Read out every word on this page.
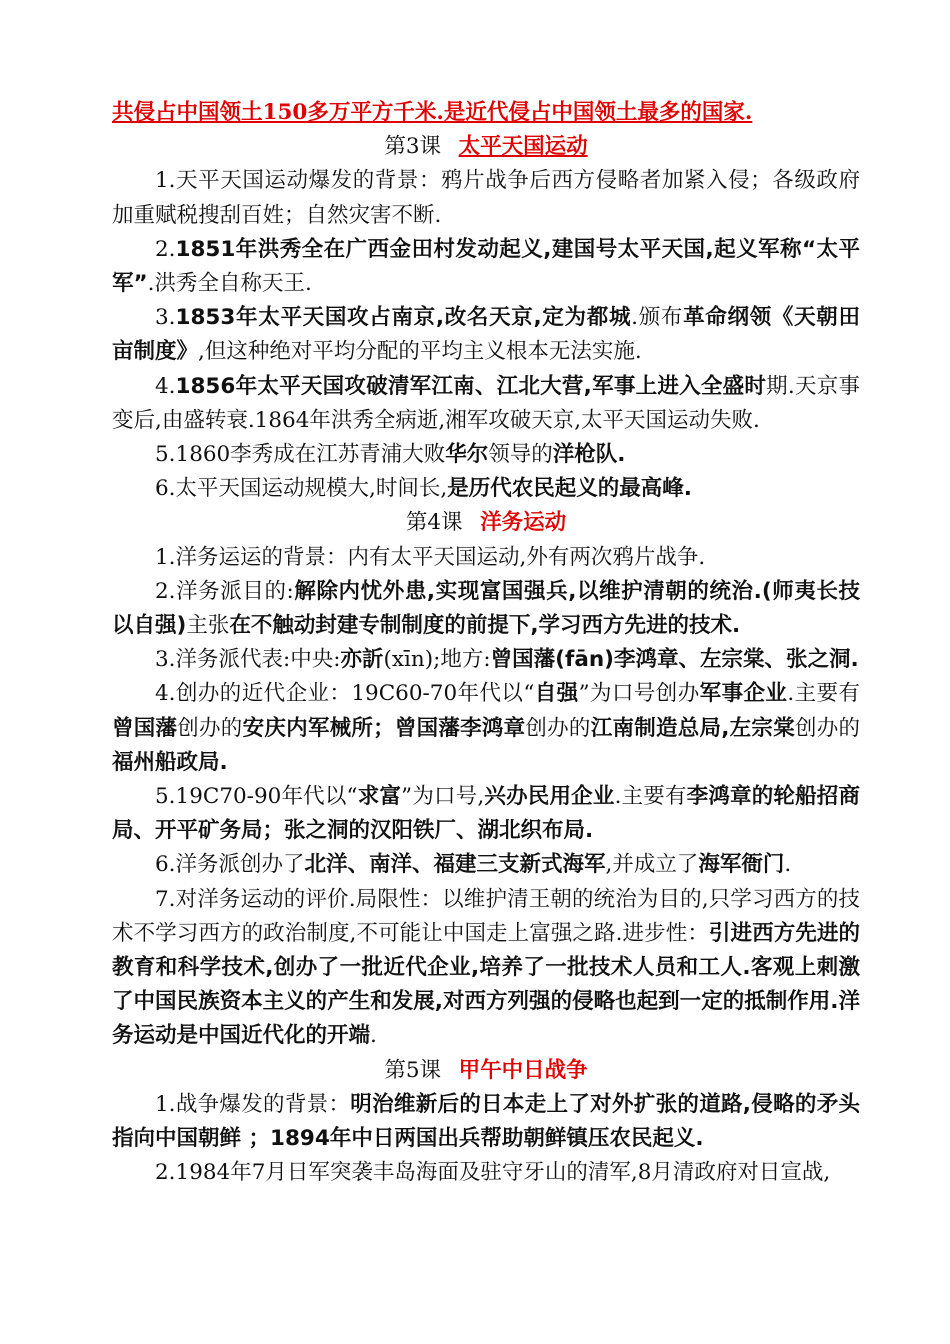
共侵占中国领土150多万平方千米.是近代侵占中国领土最多的国家.

第3课 太平天国运动

1.天平天国运动爆发的背景：鸦片战争后西方侵略者加紧入侵；各级政府加重赋税搜刮百姓；自然灾害不断.

2.1851年洪秀全在广西金田村发动起义,建国号太平天国,起义军称“太平军”.洪秀全自称天王.

3.1853年太平天国攻占南京,改名天京,定为都城.颁布革命纲领《天朝田亩制度》,但这种绝对平均分配的平均主义根本无法实施.

4.1856年太平天国攻破清军江南、江北大营,军事上进入全盛时期.天京事变后,由盛转衰.1864年洪秀全病逝,湘军攻破天京,太平天国运动失败.

5.1860李秀成在江苏青浦大败华尔领导的洋枪队.

6.太平天国运动规模大,时间长,是历代农民起义的最高峰.

第4课 洋务运动

1.洋务运运的背景：内有太平天国运动,外有两次鸦片战争.

2.洋务派目的:解除内忧外患,实现富国强兵,以维护清朝的统治.(师夷长技以自强)主张在不触动封建专制制度的前提下,学习西方先进的技术.

3.洋务派代表:中央:亦訢(xīn);地方:曾国藩(fān)李鸿章、左宗棠、张之洞.

4.创办的近代企业：19C60-70年代以“自强”为口号创办军事企业.主要有曾国藩创办的安庆内军械所；曾国藩李鸿章创办的江南制造总局,左宗棠创办的福州船政局.

5.19C70-90年代以“求富”为口号,兴办民用企业.主要有李鸿章的轮船招商局、开平矿务局；张之洞的汉阳铁厂、湖北织布局.

6.洋务派创办了北洋、南洋、福建三支新式海军,并成立了海军衙门.

7.对洋务运动的评价.局限性：以维护清王朝的统治为目的,只学习西方的技术不学习西方的政治制度,不可能让中国走上富强之路.进步性：引进西方先进的教育和科学技术,创办了一批近代企业,培养了一批技术人员和工人.客观上刺激了中国民族资本主义的产生和发展,对西方列强的侵略也起到一定的抵制作用.洋务运动是中国近代化的开端.

第5课 甲午中日战争

1.战争爆发的背景：明治维新后的日本走上了对外扩张的道路,侵略的矛头指向中国朝鲜 ；1894年中日两国出兵帮助朝鲜镇压农民起义.

2.1984年7月日军突袭丰岛海面及驻守牙山的清军,8月清政府对日宣战,
